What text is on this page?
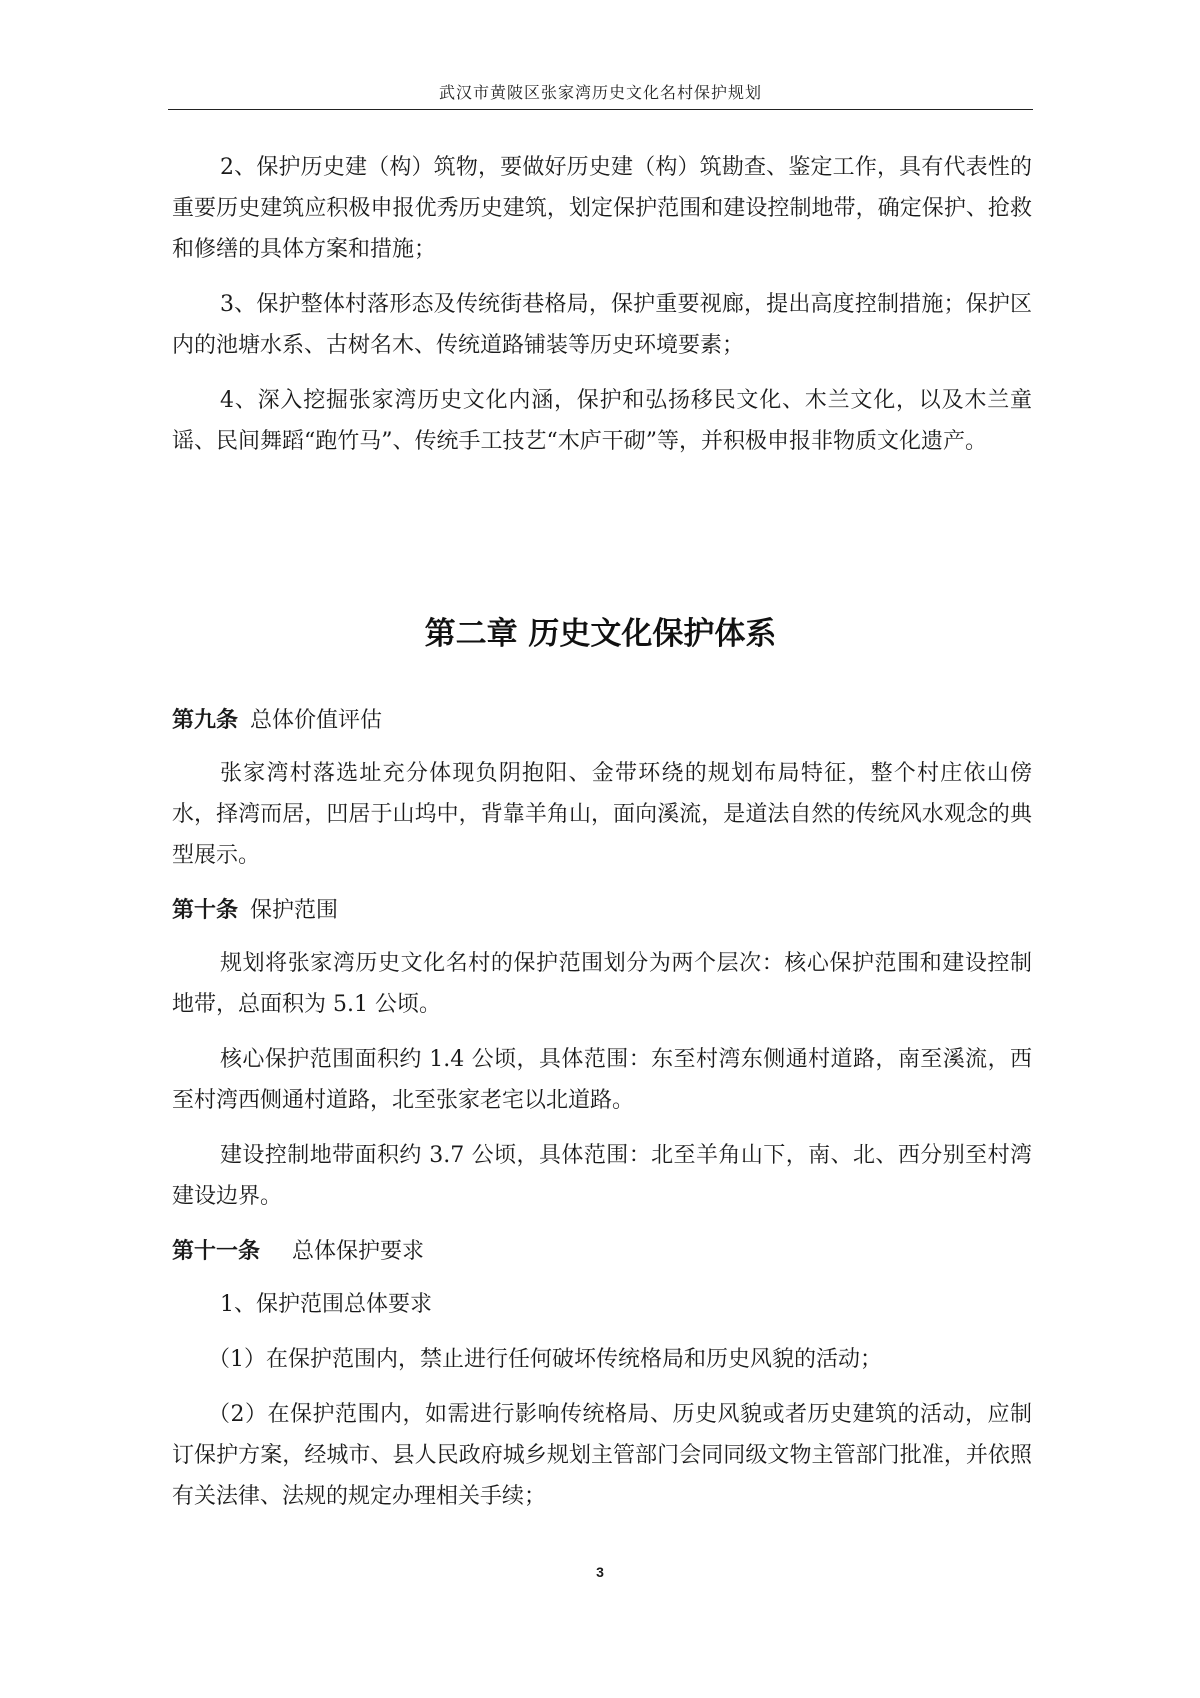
武汉市黄陂区张家湾历史文化名村保护规划

2、保护历史建（构）筑物，要做好历史建（构）筑勘查、鉴定工作，具有代表性的重要历史建筑应积极申报优秀历史建筑，划定保护范围和建设控制地带，确定保护、抢救和修缮的具体方案和措施；

3、保护整体村落形态及传统街巷格局，保护重要视廊，提出高度控制措施；保护区内的池塘水系、古树名木、传统道路铺装等历史环境要素；

4、深入挖掘张家湾历史文化内涵，保护和弘扬移民文化、木兰文化，以及木兰童谣、民间舞蹈“跑竹马”、传统手工技艺“木庐干砌”等，并积极申报非物质文化遗产。

第二章 历史文化保护体系
第九条 总体价值评估

张家湾村落选址充分体现负阴抱阳、金带环绕的规划布局特征，整个村庄依山傍水，择湾而居，凹居于山坞中，背靠羊角山，面向溪流，是道法自然的传统风水观念的典型展示。

第十条 保护范围

规划将张家湾历史文化名村的保护范围划分为两个层次：核心保护范围和建设控制地带，总面积为 5.1 公顷。

核心保护范围面积约 1.4 公顷，具体范围：东至村湾东侧通村道路，南至溪流，西至村湾西侧通村道路，北至张家老宅以北道路。

建设控制地带面积约 3.7 公顷，具体范围：北至羊角山下，南、北、西分别至村湾建设边界。

第十一条 总体保护要求

1、保护范围总体要求

（1）在保护范围内，禁止进行任何破坏传统格局和历史风貌的活动；

（2）在保护范围内，如需进行影响传统格局、历史风貌或者历史建筑的活动，应制订保护方案，经城市、县人民政府城乡规划主管部门会同同级文物主管部门批准，并依照有关法律、法规的规定办理相关手续；

3
